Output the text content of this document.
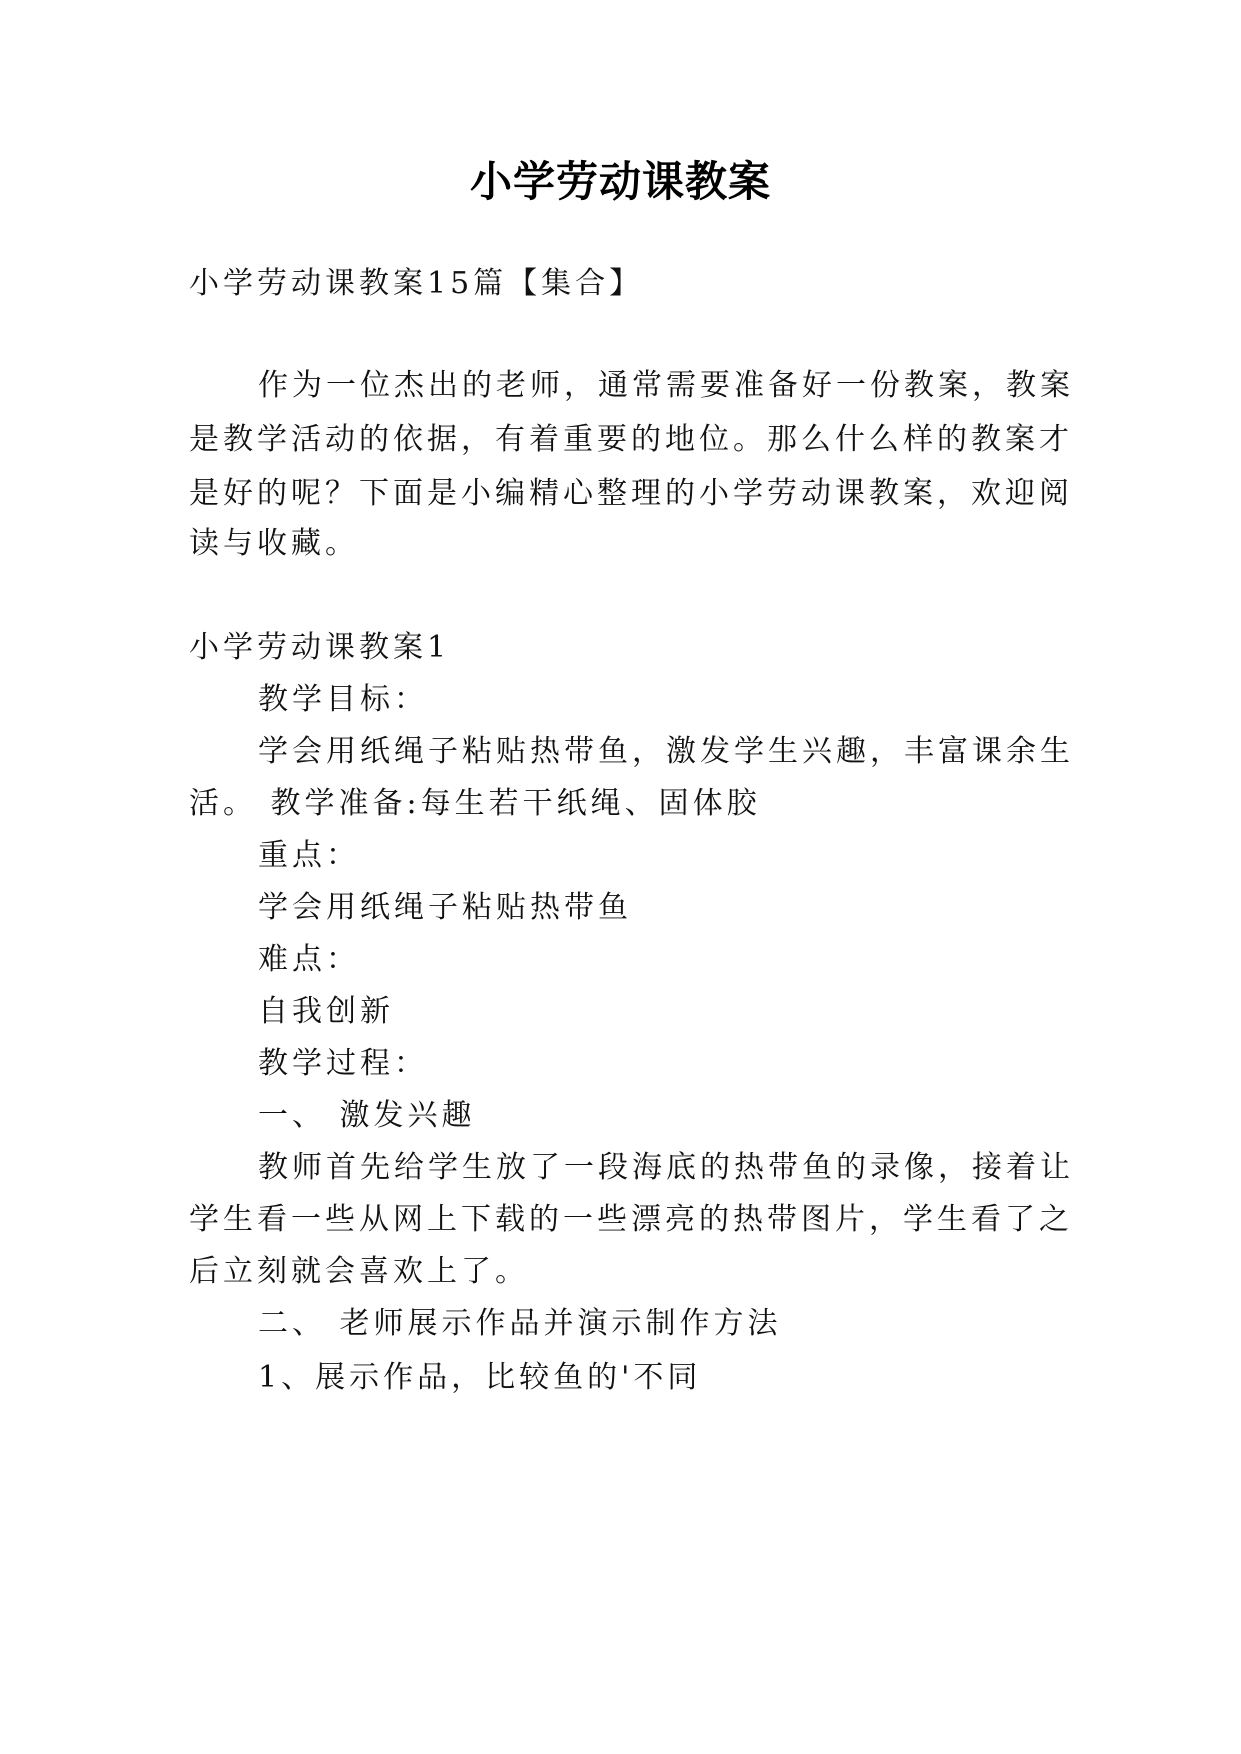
小学劳动课教案
小学劳动课教案15篇【集合】
作为一位杰出的老师，通常需要准备好一份教案，教案
是教学活动的依据，有着重要的地位。那么什么样的教案才
是好的呢？下面是小编精心整理的小学劳动课教案，欢迎阅
读与收藏。
小学劳动课教案1
教学目标：
学会用纸绳子粘贴热带鱼，激发学生兴趣，丰富课余生
活。 教学准备:每生若干纸绳、固体胶
重点：
学会用纸绳子粘贴热带鱼
难点：
自我创新
教学过程：
一、 激发兴趣
教师首先给学生放了一段海底的热带鱼的录像，接着让
学生看一些从网上下载的一些漂亮的热带图片，学生看了之
后立刻就会喜欢上了。
二、 老师展示作品并演示制作方法
1、展示作品，比较鱼的'不同
